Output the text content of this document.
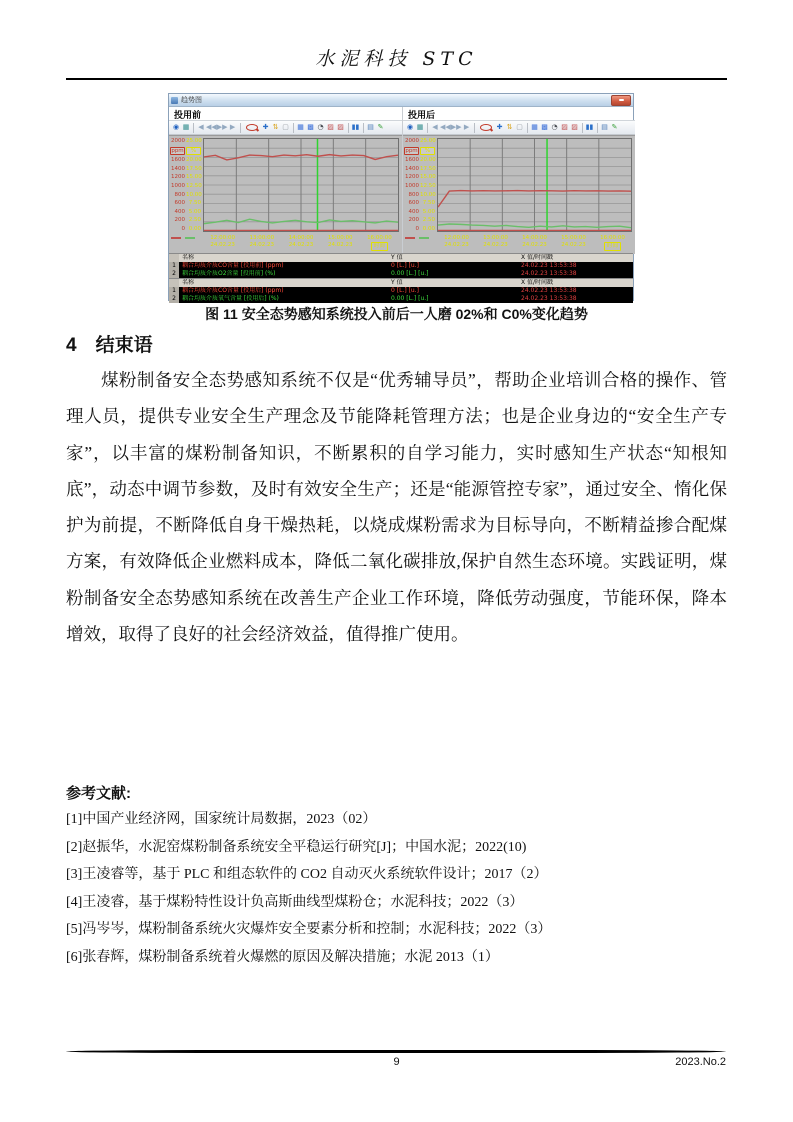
水泥科技 STC
趋势图
投用前
◉ ▦	◀ ◀◀ ▶▶ ▶	✚ ⇅ ▢ ▦ ▩ ◔ ▨ ▨ ▮▮ ▤ ✎
2000
ppm
1600
1400
1200
1000
800
600
400
200
0
25.00
%
20.00
17.50
15.00
12.50
10.00
7.50
5.00
2.50
0.00
12:00:00
24.02.23
13:00:00
24.02.23
14:00:00
24.02.23
15:00:00
24.02.23
16:00:00
时间
投用后
◉ ▦	◀ ◀◀ ▶▶ ▶	✚ ⇅ ▢ ▦ ▩ ◔ ▨ ▨ ▮▮ ▤ ✎
2000
ppm
1600
1400
1200
1000
800
600
400
200
0
25.00
%
20.00
17.50
15.00
12.50
10.00
7.50
5.00
2.50
0.00
12:00:00
24.02.23
13:00:00
24.02.23
14:00:00
24.02.23
15:00:00
24.02.23
16:00:00
时间
名称	Y 值	X 值/时间戳
1	耦合均质介质CO含量 [投用前] (ppm)	0 [L.] [u.]	24.02.23 13:53:38
2	耦合均质介质O2含量 [投用前] (%)	0.00 [L.] [u.]	24.02.23 13:53:38
名称	Y 值	X 值/时间戳
1	耦合均质介质CO含量 [投用后] (ppm)	0 [L.] [u.]	24.02.23 13:53:38
2	耦合均质介质氧气含量 [投用后] (%)	0.00 [L.] [u.]	24.02.23 13:53:38
图 11 安全态势感知系统投入前后一人磨 02%和 C0%变化趋势
4　结束语
煤粉制备安全态势感知系统不仅是“优秀辅导员”，帮助企业培训合格的操作、管理人员，提供专业安全生产理念及节能降耗管理方法；也是企业身边的“安全生产专家”，以丰富的煤粉制备知识，不断累积的自学习能力，实时感知生产状态“知根知底”，动态中调节参数，及时有效安全生产；还是“能源管控专家”，通过安全、惰化保护为前提，不断降低自身干燥热耗，以烧成煤粉需求为目标导向，不断精益掺合配煤方案，有效降低企业燃料成本，降低二氧化碳排放,保护自然生态环境。实践证明，煤粉制备安全态势感知系统在改善生产企业工作环境，降低劳动强度，节能环保，降本增效，取得了良好的社会经济效益，值得推广使用。
参考文献:
[1]中国产业经济网，国家统计局数据，2023（02）
[2]赵振华，水泥窑煤粉制备系统安全平稳运行研究[J]；中国水泥；2022(10)
[3]王凌睿等，基于 PLC 和组态软件的 CO2 自动灭火系统软件设计；2017（2）
[4]王凌睿，基于煤粉特性设计负高斯曲线型煤粉仓；水泥科技；2022（3）
[5]冯岑岑，煤粉制备系统火灾爆炸安全要素分析和控制；水泥科技；2022（3）
[6]张春辉，煤粉制备系统着火爆燃的原因及解决措施；水泥 2013（1）
9	2023.No.2
